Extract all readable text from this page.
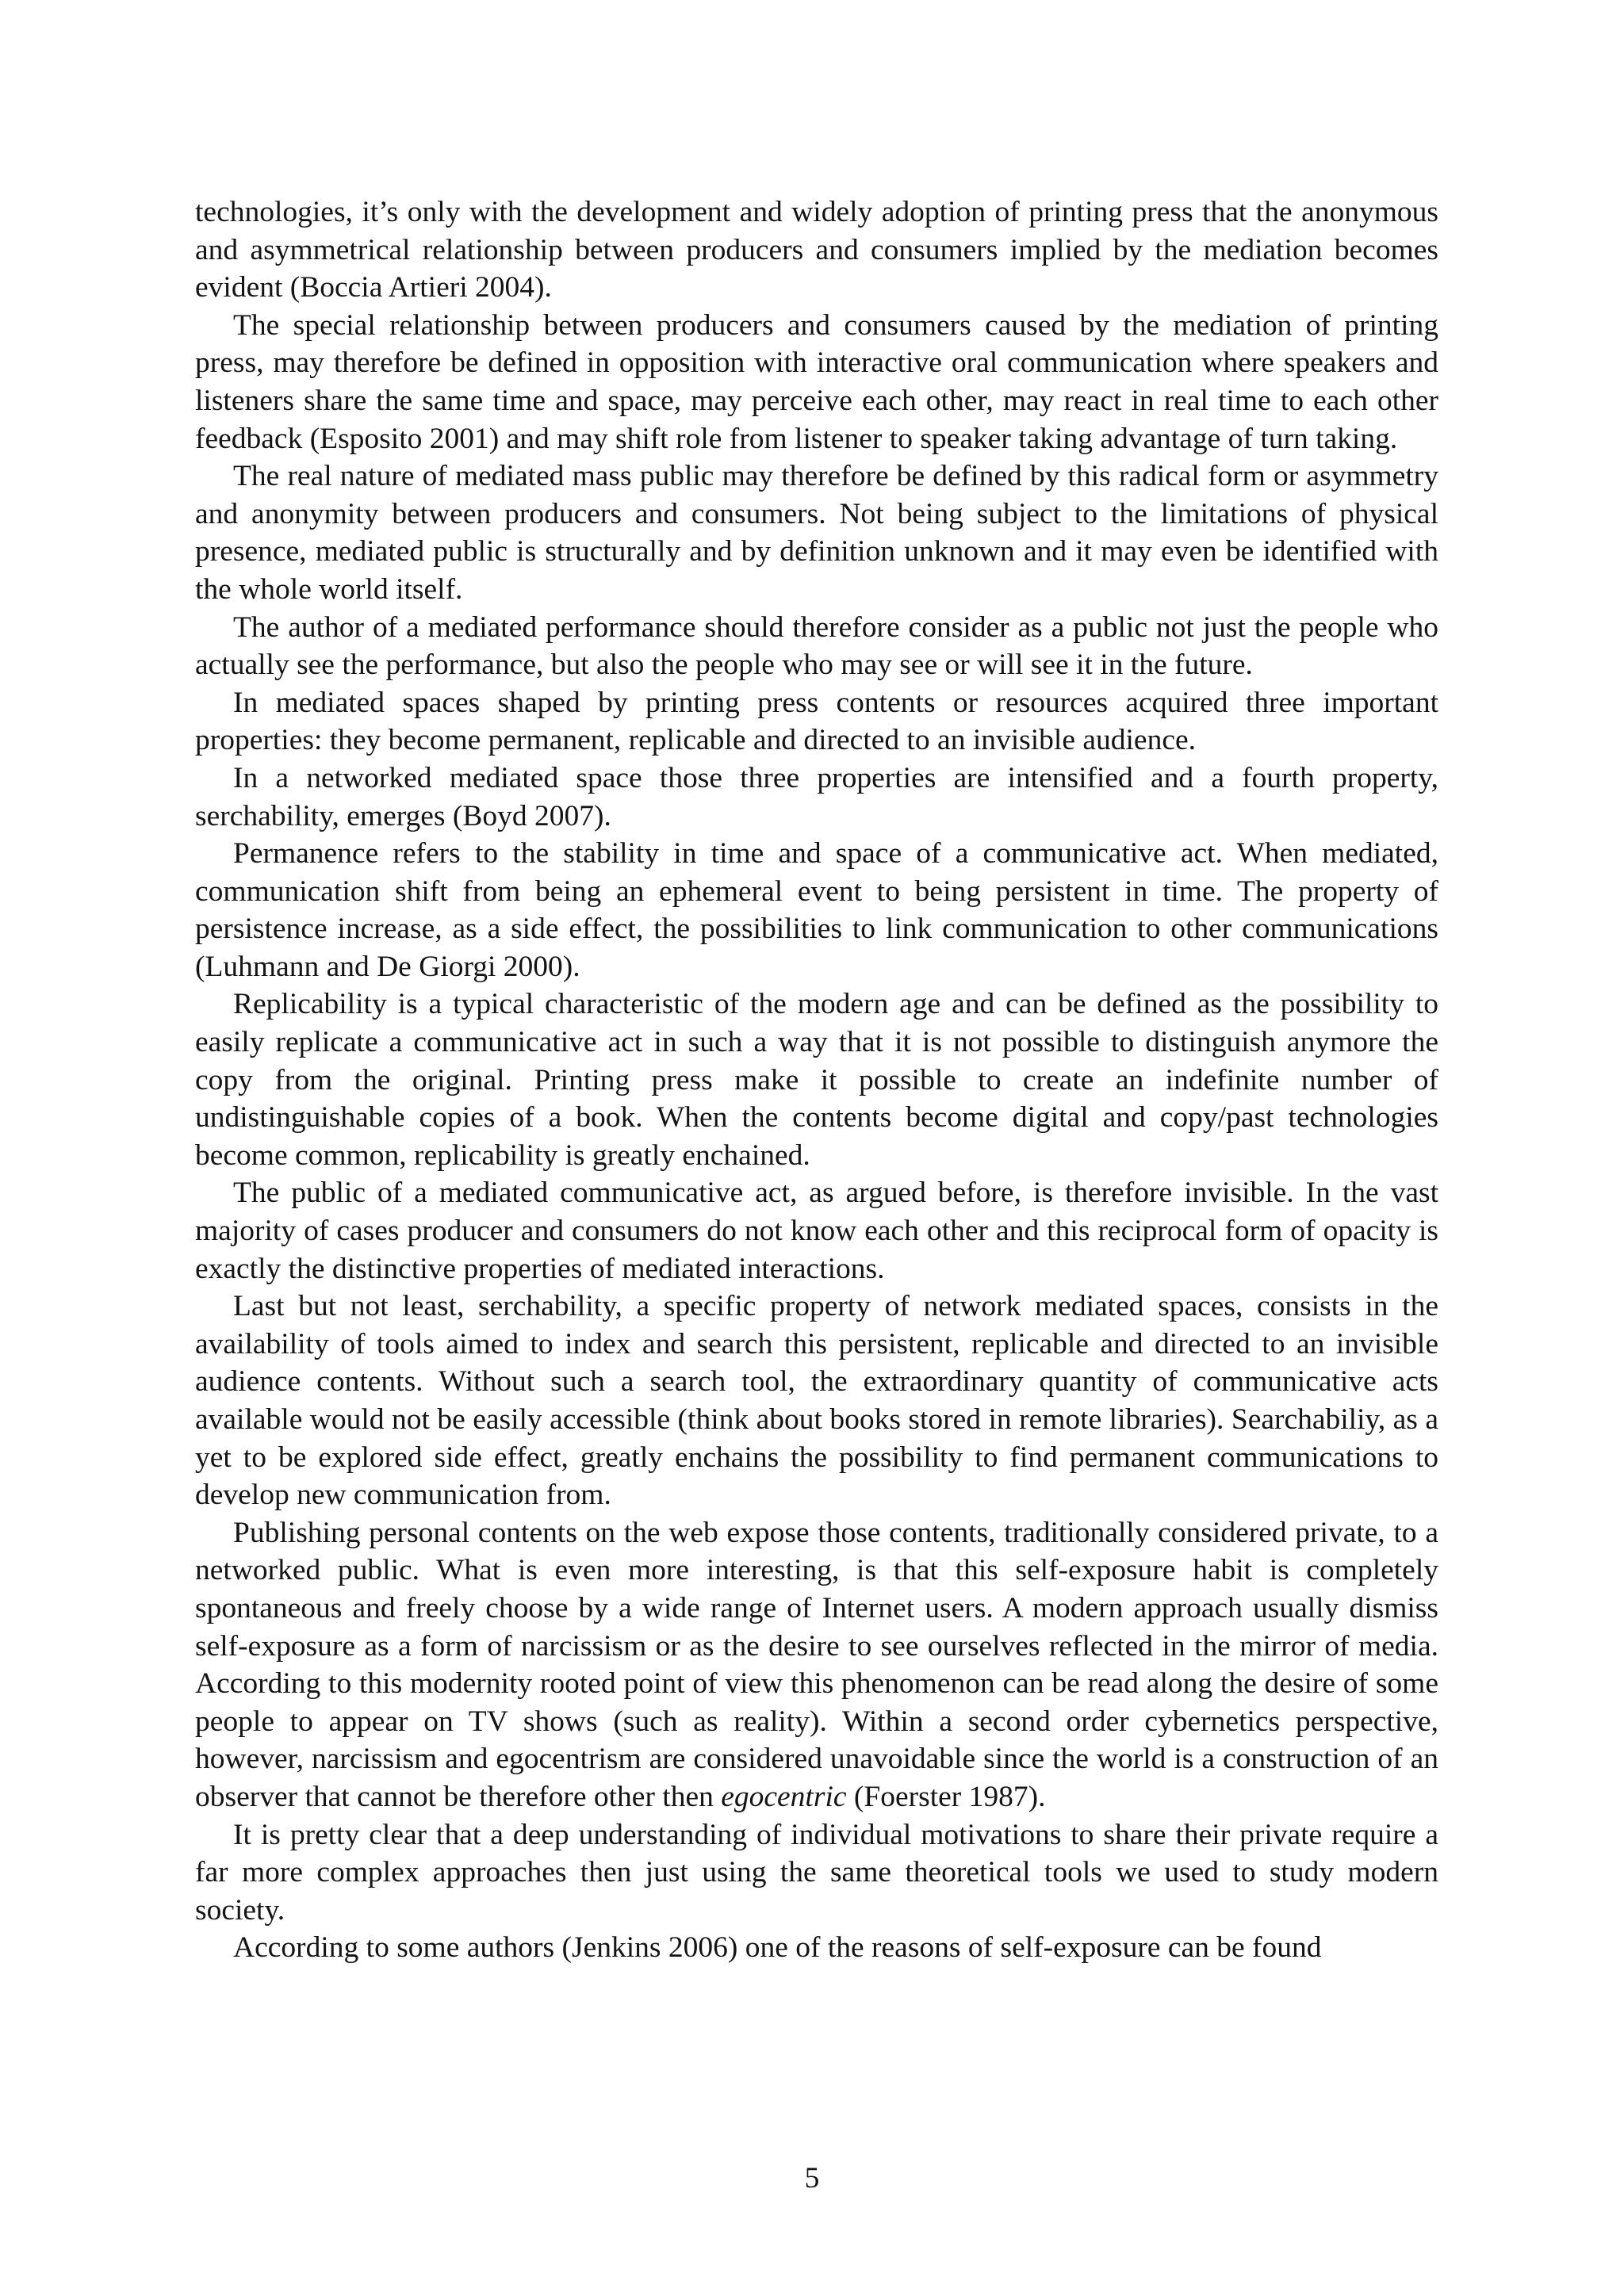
technologies, it’s only with the development and widely adoption of printing press that the anonymous and asymmetrical relationship between producers and consumers implied by the mediation becomes evident (Boccia Artieri 2004).

The special relationship between producers and consumers caused by the mediation of printing press, may therefore be defined in opposition with interactive oral communication where speakers and listeners share the same time and space, may perceive each other, may react in real time to each other feedback (Esposito 2001) and may shift role from listener to speaker taking advantage of turn taking.

The real nature of mediated mass public may therefore be defined by this radical form or asymmetry and anonymity between producers and consumers. Not being subject to the limitations of physical presence, mediated public is structurally and by definition unknown and it may even be identified with the whole world itself.

The author of a mediated performance should therefore consider as a public not just the people who actually see the performance, but also the people who may see or will see it in the future.

In mediated spaces shaped by printing press contents or resources acquired three important properties: they become permanent, replicable and directed to an invisible audience.

In a networked mediated space those three properties are intensified and a fourth property, serchability, emerges (Boyd 2007).

Permanence refers to the stability in time and space of a communicative act. When mediated, communication shift from being an ephemeral event to being persistent in time. The property of persistence increase, as a side effect, the possibilities to link communication to other communications (Luhmann and De Giorgi 2000).

Replicability is a typical characteristic of the modern age and can be defined as the possibility to easily replicate a communicative act in such a way that it is not possible to distinguish anymore the copy from the original. Printing press make it possible to create an indefinite number of undistinguishable copies of a book. When the contents become digital and copy/past technologies become common, replicability is greatly enchained.

The public of a mediated communicative act, as argued before, is therefore invisible. In the vast majority of cases producer and consumers do not know each other and this reciprocal form of opacity is exactly the distinctive properties of mediated interactions.

Last but not least, serchability, a specific property of network mediated spaces, consists in the availability of tools aimed to index and search this persistent, replicable and directed to an invisible audience contents. Without such a search tool, the extraordinary quantity of communicative acts available would not be easily accessible (think about books stored in remote libraries). Searchabiliy, as a yet to be explored side effect, greatly enchains the possibility to find permanent communications to develop new communication from.

Publishing personal contents on the web expose those contents, traditionally considered private, to a networked public. What is even more interesting, is that this self-exposure habit is completely spontaneous and freely choose by a wide range of Internet users. A modern approach usually dismiss self-exposure as a form of narcissism or as the desire to see ourselves reflected in the mirror of media. According to this modernity rooted point of view this phenomenon can be read along the desire of some people to appear on TV shows (such as reality). Within a second order cybernetics perspective, however, narcissism and egocentrism are considered unavoidable since the world is a construction of an observer that cannot be therefore other then egocentric (Foerster 1987).

It is pretty clear that a deep understanding of individual motivations to share their private require a far more complex approaches then just using the same theoretical tools we used to study modern society.

According to some authors (Jenkins 2006) one of the reasons of self-exposure can be found

5
